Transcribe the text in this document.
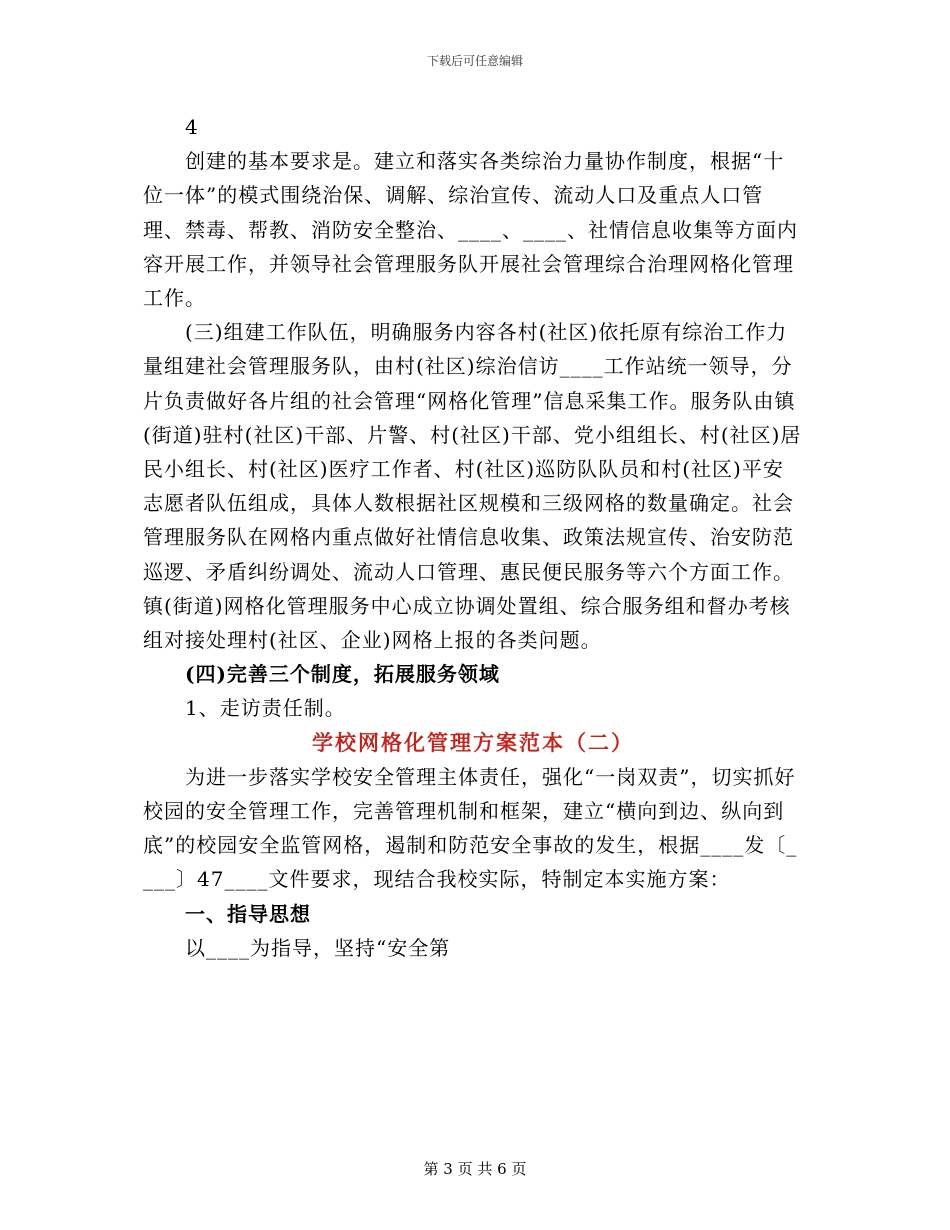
下载后可任意编辑

4

创建的基本要求是。建立和落实各类综治力量协作制度，根据“十位一体”的模式围绕治保、调解、综治宣传、流动人口及重点人口管理、禁毒、帮教、消防安全整治、____、____、社情信息收集等方面内容开展工作，并领导社会管理服务队开展社会管理综合治理网格化管理工作。

(三)组建工作队伍，明确服务内容各村(社区)依托原有综治工作力量组建社会管理服务队，由村(社区)综治信访____工作站统一领导，分片负责做好各片组的社会管理“网格化管理”信息采集工作。服务队由镇(街道)驻村(社区)干部、片警、村(社区)干部、党小组组长、村(社区)居民小组长、村(社区)医疗工作者、村(社区)巡防队队员和村(社区)平安志愿者队伍组成，具体人数根据社区规模和三级网格的数量确定。社会管理服务队在网格内重点做好社情信息收集、政策法规宣传、治安防范巡逻、矛盾纠纷调处、流动人口管理、惠民便民服务等六个方面工作。镇(街道)网格化管理服务中心成立协调处置组、综合服务组和督办考核组对接处理村(社区、企业)网格上报的各类问题。

(四)完善三个制度，拓展服务领域

1、走访责任制。

学校网格化管理方案范本（二）

为进一步落实学校安全管理主体责任，强化“一岗双责”，切实抓好校园的安全管理工作，完善管理机制和框架，建立“横向到边、纵向到底”的校园安全监管网格，遏制和防范安全事故的发生，根据____发〔____〕47____文件要求，现结合我校实际，特制定本实施方案：

一、指导思想

以____为指导，坚持“安全第

第 3 页 共 6 页
